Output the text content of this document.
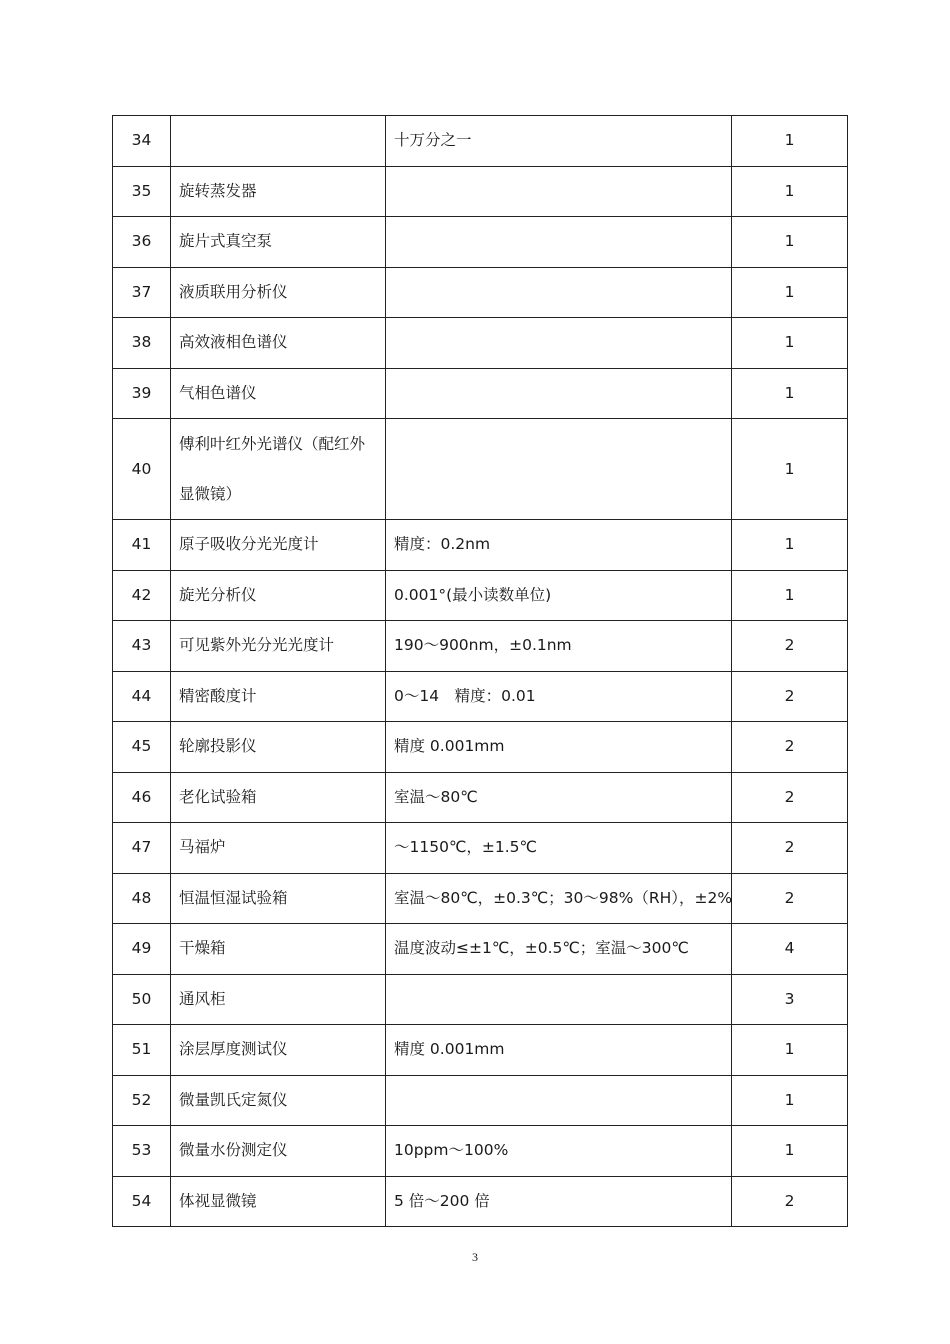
34		十万分之一	1
35	旋转蒸发器		1
36	旋片式真空泵		1
37	液质联用分析仪		1
38	高效液相色谱仪		1
39	气相色谱仪		1
40	傅利叶红外光谱仪（配红外显微镜）		1
41	原子吸收分光光度计	精度：0.2nm	1
42	旋光分析仪	0.001°(最小读数单位)	1
43	可见紫外光分光光度计	190～900nm，±0.1nm	2
44	精密酸度计	0～14　精度：0.01	2
45	轮廓投影仪	精度 0.001mm	2
46	老化试验箱	室温～80℃	2
47	马福炉	～1150℃，±1.5℃	2
48	恒温恒湿试验箱	室温～80℃，±0.3℃；30～98%（RH），±2%	2
49	干燥箱	温度波动≤±1℃，±0.5℃；室温～300℃	4
50	通风柜		3
51	涂层厚度测试仪	精度 0.001mm	1
52	微量凯氏定氮仪		1
53	微量水份测定仪	10ppm～100%	1
54	体视显微镜	5 倍～200 倍	2
3
